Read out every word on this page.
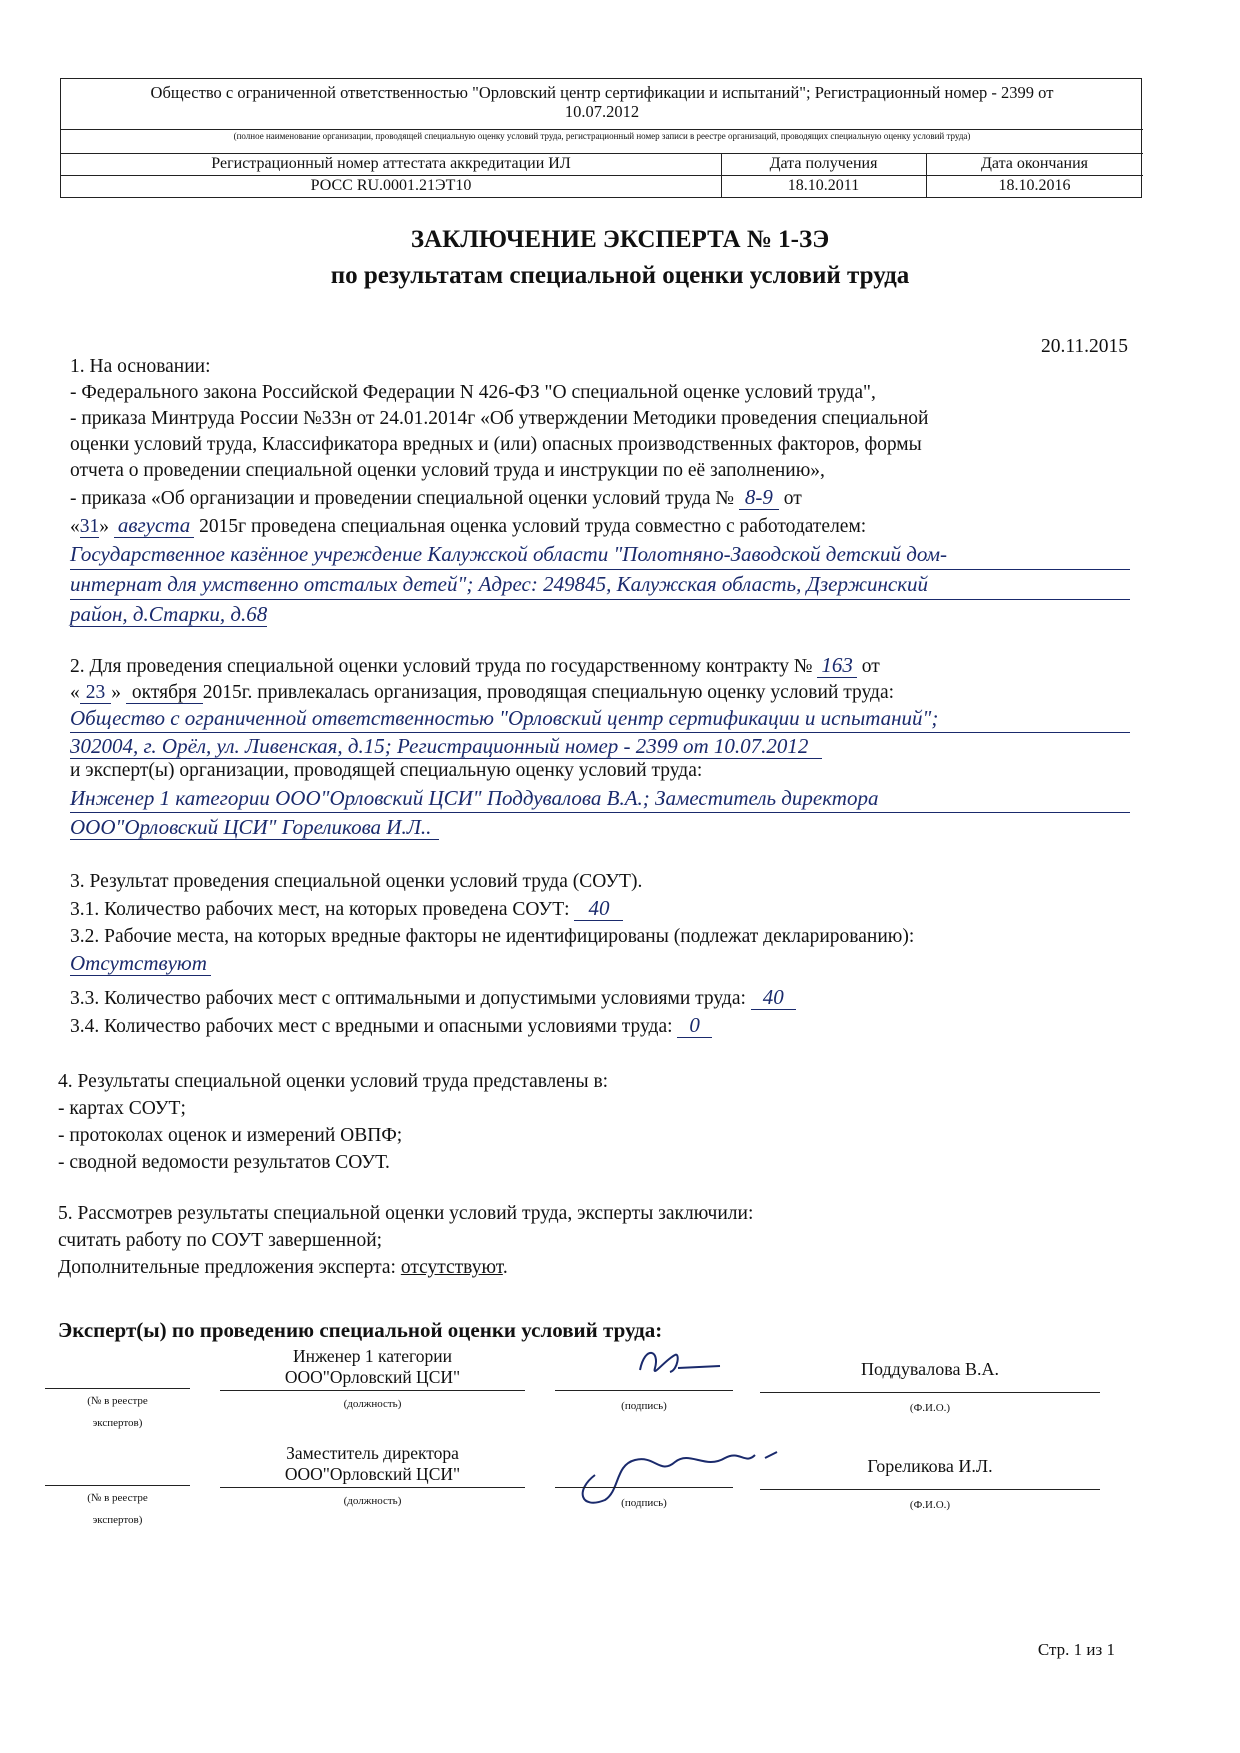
Общество с ограниченной ответственностью "Орловский центр сертификации и испытаний"; Регистрационный номер - 2399 от
10.07.2012
(полное наименование организации, проводящей специальную оценку условий труда, регистрационный номер записи в реестре организаций, проводящих специальную оценку условий труда)
Регистрационный номер аттестата аккредитации ИЛ	Дата получения	Дата окончания
РОСС RU.0001.21ЭТ10	18.10.2011	18.10.2016
ЗАКЛЮЧЕНИЕ ЭКСПЕРТА № 1-ЗЭ
по результатам специальной оценки условий труда
20.11.2015
1. На основании:
- Федерального закона Российской Федерации N 426-ФЗ "О специальной оценке условий труда",
- приказа Минтруда России №33н от 24.01.2014г «Об утверждении Методики проведения специальной
оценки условий труда, Классификатора вредных и (или) опасных производственных факторов, формы
отчета о проведении специальной оценки условий труда и инструкции по её заполнению»,
- приказа «Об организации и проведении специальной оценки условий труда № 8-9 от
«31» августа 2015г проведена специальная оценка условий труда совместно с работодателем:
Государственное казённое учреждение Калужской области "Полотняно-Заводской детский дом-
интернат для умственно отсталых детей"; Адрес: 249845, Калужская область, Дзержинский
район, д.Старки, д.68
2. Для проведения специальной оценки условий труда по государственному контракту № 163 от
« 23 » октября 2015г. привлекалась организация, проводящая специальную оценку условий труда:
Общество с ограниченной ответственностью "Орловский центр сертификации и испытаний";
302004, г. Орёл, ул. Ливенская, д.15; Регистрационный номер - 2399 от 10.07.2012
и эксперт(ы) организации, проводящей специальную оценку условий труда:
Инженер 1 категории ООО"Орловский ЦСИ" Поддувалова В.А.; Заместитель директора
ООО"Орловский ЦСИ" Гореликова И.Л..
3. Результат проведения специальной оценки условий труда (СОУТ).
3.1. Количество рабочих мест, на которых проведена СОУТ: 40
3.2. Рабочие места, на которых вредные факторы не идентифицированы (подлежат декларированию):
Отсутствуют
3.3. Количество рабочих мест с оптимальными и допустимыми условиями труда: 40
3.4. Количество рабочих мест с вредными и опасными условиями труда: 0
4. Результаты специальной оценки условий труда представлены в:
- картах СОУТ;
- протоколах оценок и измерений ОВПФ;
- сводной ведомости результатов СОУТ.
5. Рассмотрев результаты специальной оценки условий труда, эксперты заключили:
считать работу по СОУТ завершенной;
Дополнительные предложения эксперта: отсутствуют.
Эксперт(ы) по проведению специальной оценки условий труда:
(№ в реестре
экспертов)
Инженер 1 категории
ООО"Орловский ЦСИ"
(должность)	(подпись)
Поддувалова В.А.
(Ф.И.О.)
(№ в реестре
экспертов)
Заместитель директора
ООО"Орловский ЦСИ"
(должность)	(подпись)
Гореликова И.Л.
(Ф.И.О.)
Стр. 1 из 1
